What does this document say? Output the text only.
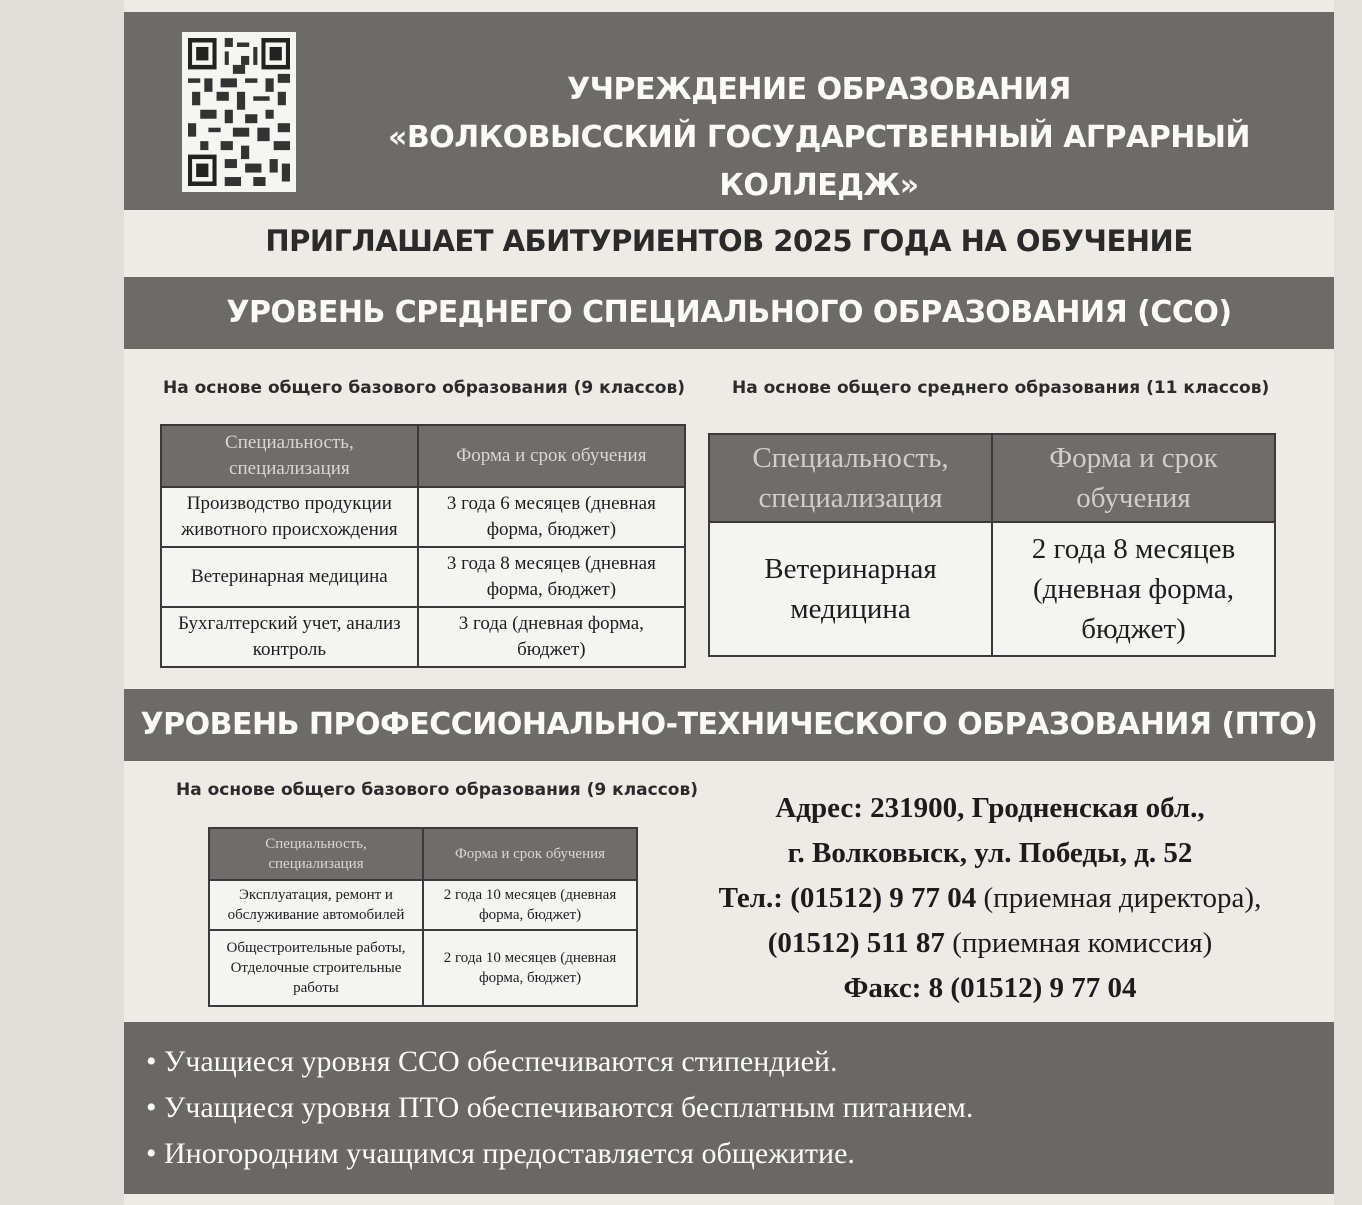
УЧРЕЖДЕНИЕ ОБРАЗОВАНИЯ
«ВОЛКОВЫССКИЙ ГОСУДАРСТВЕННЫЙ АГРАРНЫЙ КОЛЛЕДЖ»
ПРИГЛАШАЕТ АБИТУРИЕНТОВ 2025 ГОДА НА ОБУЧЕНИЕ
УРОВЕНЬ СРЕДНЕГО СПЕЦИАЛЬНОГО ОБРАЗОВАНИЯ (ССО)
На основе общего базового образования (9 классов)	На основе общего среднего образования (11 классов)
Специальность, специализация	Форма и срок обучения
Производство продукции животного происхождения	3 года 6 месяцев (дневная форма, бюджет)
Ветеринарная медицина	3 года 8 месяцев (дневная форма, бюджет)
Бухгалтерский учет, анализ контроль	3 года (дневная форма, бюджет)
Специальность, специализация	Форма и срок обучения
Ветеринарная медицина	2 года 8 месяцев (дневная форма, бюджет)
УРОВЕНЬ ПРОФЕССИОНАЛЬНО-ТЕХНИЧЕСКОГО ОБРАЗОВАНИЯ (ПТО)
На основе общего базового образования (9 классов)
Специальность, специализация	Форма и срок обучения
Эксплуатация, ремонт и обслуживание автомобилей	2 года 10 месяцев (дневная форма, бюджет)
Общестроительные работы, Отделочные строительные работы	2 года 10 месяцев (дневная форма, бюджет)
Адрес: 231900, Гродненская обл.,
г. Волковыск, ул. Победы, д. 52
Тел.: (01512) 9 77 04 (приемная директора),
(01512) 511 87 (приемная комиссия)
Факс: 8 (01512) 9 77 04
• Учащиеся уровня ССО обеспечиваются стипендией.
• Учащиеся уровня ПТО обеспечиваются бесплатным питанием.
• Иногородним учащимся предоставляется общежитие.
